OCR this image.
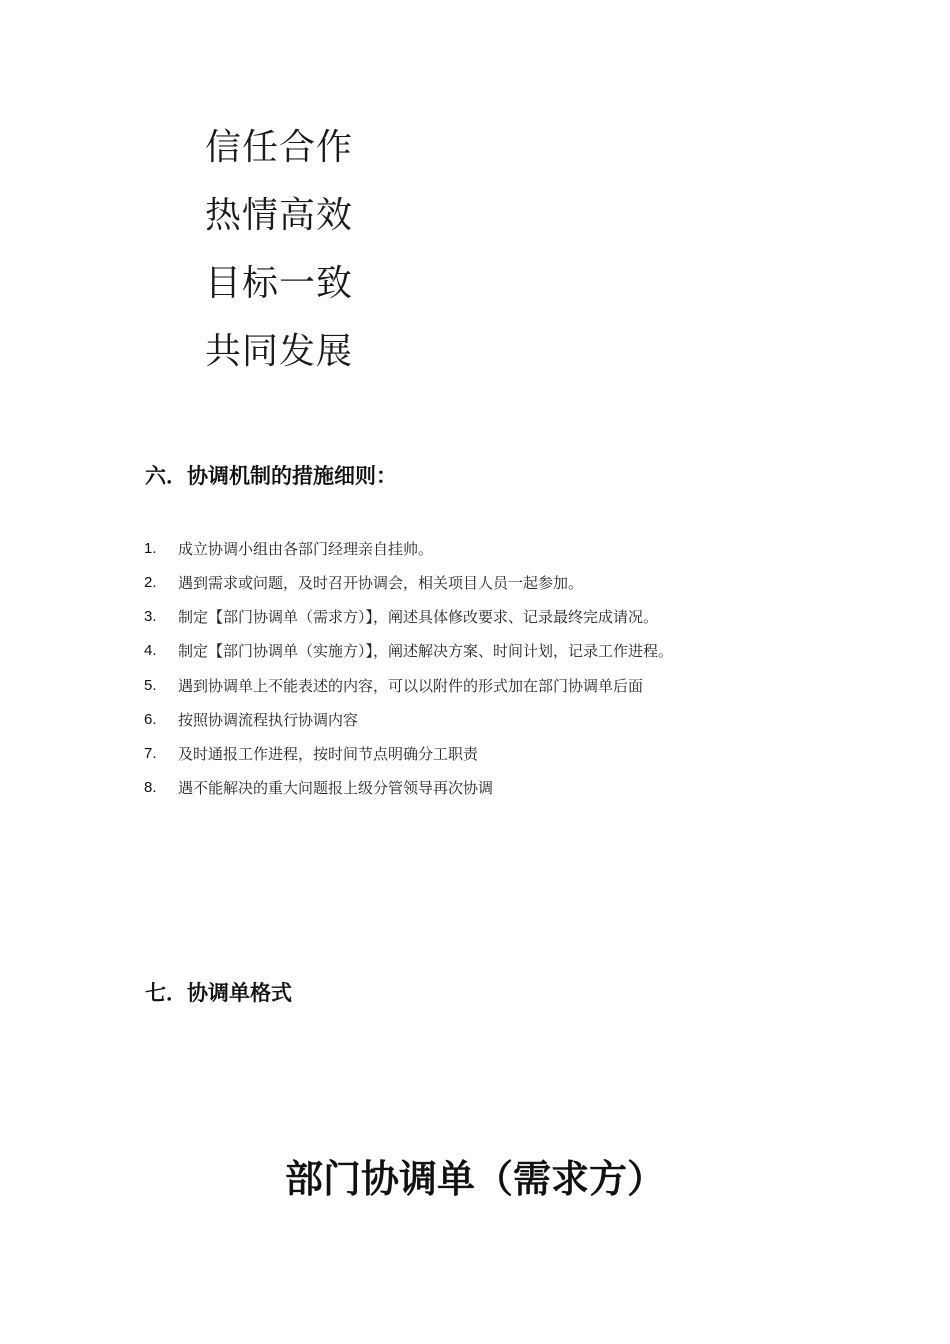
信任合作
热情高效
目标一致
共同发展
六．协调机制的措施细则：
1.	成立协调小组由各部门经理亲自挂帅。
2.	遇到需求或问题，及时召开协调会，相关项目人员一起参加。
3.	制定【部门协调单（需求方）】，阐述具体修改要求、记录最终完成请况。
4.	制定【部门协调单（实施方）】，阐述解决方案、时间计划，记录工作进程。
5.	遇到协调单上不能表述的内容，可以以附件的形式加在部门协调单后面
6.	按照协调流程执行协调内容
7.	及时通报工作进程，按时间节点明确分工职责
8.	遇不能解决的重大问题报上级分管领导再次协调
七．协调单格式
部门协调单（需求方）
